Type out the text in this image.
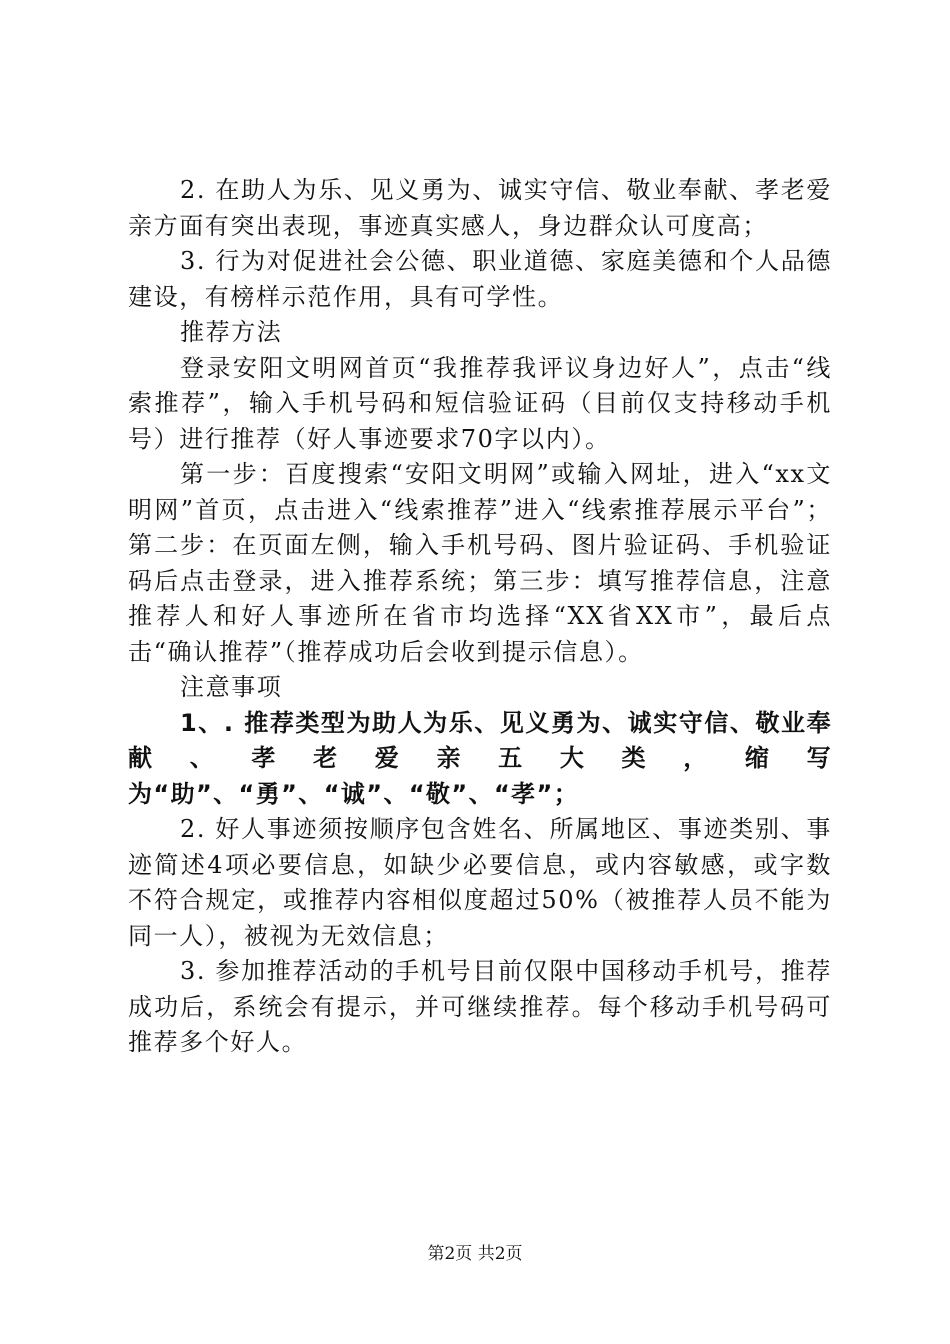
2. 在助人为乐、见义勇为、诚实守信、敬业奉献、孝老爱亲方面有突出表现，事迹真实感人，身边群众认可度高；

3. 行为对促进社会公德、职业道德、家庭美德和个人品德建设，有榜样示范作用，具有可学性。

推荐方法

登录安阳文明网首页“我推荐我评议身边好人”，点击“线索推荐”，输入手机号码和短信验证码（目前仅支持移动手机号）进行推荐（好人事迹要求70字以内）。

第一步：百度搜索“安阳文明网”或输入网址，进入“xx文明网”首页，点击进入“线索推荐”进入“线索推荐展示平台”；第二步：在页面左侧，输入手机号码、图片验证码、手机验证码后点击登录，进入推荐系统；第三步：填写推荐信息，注意推荐人和好人事迹所在省市均选择“XX省XX市”，最后点击“确认推荐”（推荐成功后会收到提示信息）。

注意事项

1、. 推荐类型为助人为乐、见义勇为、诚实守信、敬业奉献、孝老爱亲五大类，缩写为“助”、“勇”、“诚”、“敬”、“孝”；

2. 好人事迹须按顺序包含姓名、所属地区、事迹类别、事迹简述4项必要信息，如缺少必要信息，或内容敏感，或字数不符合规定，或推荐内容相似度超过50%（被推荐人员不能为同一人），被视为无效信息；

3. 参加推荐活动的手机号目前仅限中国移动手机号，推荐成功后，系统会有提示，并可继续推荐。每个移动手机号码可推荐多个好人。

第2页 共2页
